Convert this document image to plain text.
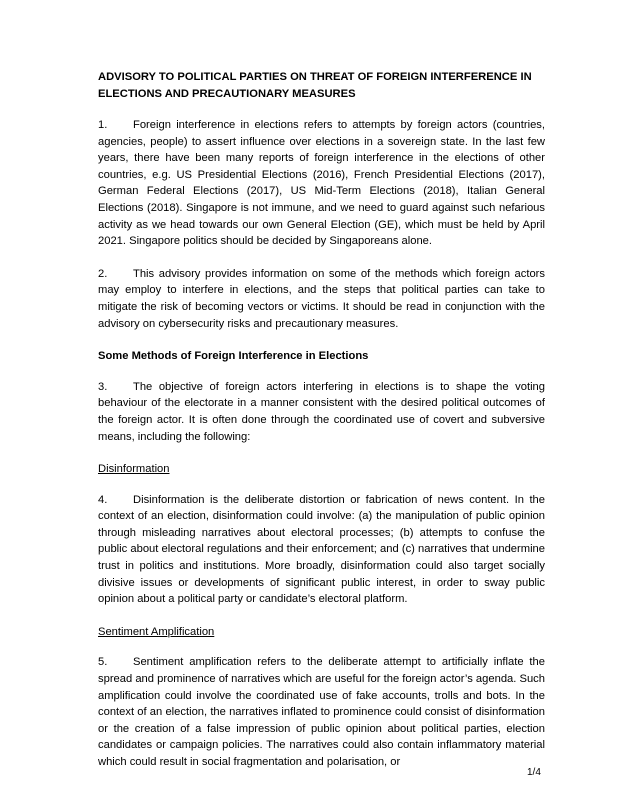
ADVISORY TO POLITICAL PARTIES ON THREAT OF FOREIGN INTERFERENCE IN ELECTIONS AND PRECAUTIONARY MEASURES
1. Foreign interference in elections refers to attempts by foreign actors (countries, agencies, people) to assert influence over elections in a sovereign state. In the last few years, there have been many reports of foreign interference in the elections of other countries, e.g. US Presidential Elections (2016), French Presidential Elections (2017), German Federal Elections (2017), US Mid-Term Elections (2018), Italian General Elections (2018). Singapore is not immune, and we need to guard against such nefarious activity as we head towards our own General Election (GE), which must be held by April 2021. Singapore politics should be decided by Singaporeans alone.
2. This advisory provides information on some of the methods which foreign actors may employ to interfere in elections, and the steps that political parties can take to mitigate the risk of becoming vectors or victims. It should be read in conjunction with the advisory on cybersecurity risks and precautionary measures.
Some Methods of Foreign Interference in Elections
3. The objective of foreign actors interfering in elections is to shape the voting behaviour of the electorate in a manner consistent with the desired political outcomes of the foreign actor. It is often done through the coordinated use of covert and subversive means, including the following:
Disinformation
4. Disinformation is the deliberate distortion or fabrication of news content. In the context of an election, disinformation could involve: (a) the manipulation of public opinion through misleading narratives about electoral processes; (b) attempts to confuse the public about electoral regulations and their enforcement; and (c) narratives that undermine trust in politics and institutions. More broadly, disinformation could also target socially divisive issues or developments of significant public interest, in order to sway public opinion about a political party or candidate’s electoral platform.
Sentiment Amplification
5. Sentiment amplification refers to the deliberate attempt to artificially inflate the spread and prominence of narratives which are useful for the foreign actor’s agenda. Such amplification could involve the coordinated use of fake accounts, trolls and bots. In the context of an election, the narratives inflated to prominence could consist of disinformation or the creation of a false impression of public opinion about political parties, election candidates or campaign policies. The narratives could also contain inflammatory material which could result in social fragmentation and polarisation, or
1/4
